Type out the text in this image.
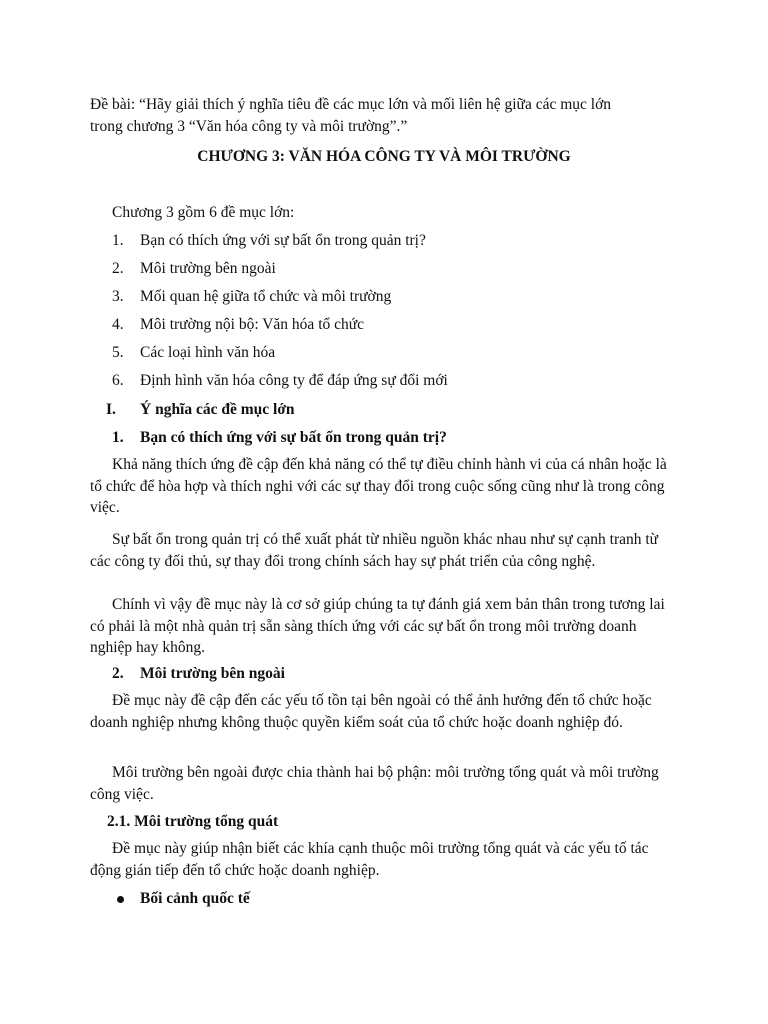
Đề bài: “Hãy giải thích ý nghĩa tiêu đề các mục lớn và mối liên hệ giữa các mục lớn
trong chương 3 “Văn hóa công ty và môi trường”.”
CHƯƠNG 3: VĂN HÓA CÔNG TY VÀ MÔI TRƯỜNG
Chương 3 gồm 6 đề mục lớn:
1.	Bạn có thích ứng với sự bất ổn trong quản trị?
2.	Môi trường bên ngoài
3.	Mối quan hệ giữa tổ chức và môi trường
4.	Môi trường nội bộ: Văn hóa tổ chức
5.	Các loại hình văn hóa
6.	Định hình văn hóa công ty để đáp ứng sự đổi mới
I.	Ý nghĩa các đề mục lớn
1.	Bạn có thích ứng với sự bất ổn trong quản trị?
Khả năng thích ứng đề cập đến khả năng có thể tự điều chỉnh hành vi của cá nhân hoặc là tổ chức để hòa hợp và thích nghi với các sự thay đổi trong cuộc sống cũng như là trong công việc.
Sự bất ổn trong quản trị có thể xuất phát từ nhiều nguồn khác nhau như sự cạnh tranh từ các công ty đối thủ, sự thay đổi trong chính sách hay sự phát triển của công nghệ.
Chính vì vậy đề mục này là cơ sở giúp chúng ta tự đánh giá xem bản thân trong tương lai có phải là một nhà quản trị sẵn sàng thích ứng với các sự bất ổn trong môi trường doanh nghiệp hay không.
2.	Môi trường bên ngoài
Đề mục này đề cập đến các yếu tố tồn tại bên ngoài có thể ảnh hưởng đến tổ chức hoặc doanh nghiệp nhưng không thuộc quyền kiểm soát của tổ chức hoặc doanh nghiệp đó.
Môi trường bên ngoài được chia thành hai bộ phận: môi trường tổng quát và môi trường công việc.
2.1. Môi trường tổng quát
Đề mục này giúp nhận biết các khía cạnh thuộc môi trường tổng quát và các yếu tố tác động gián tiếp đến tổ chức hoặc doanh nghiệp.
Bối cảnh quốc tế
